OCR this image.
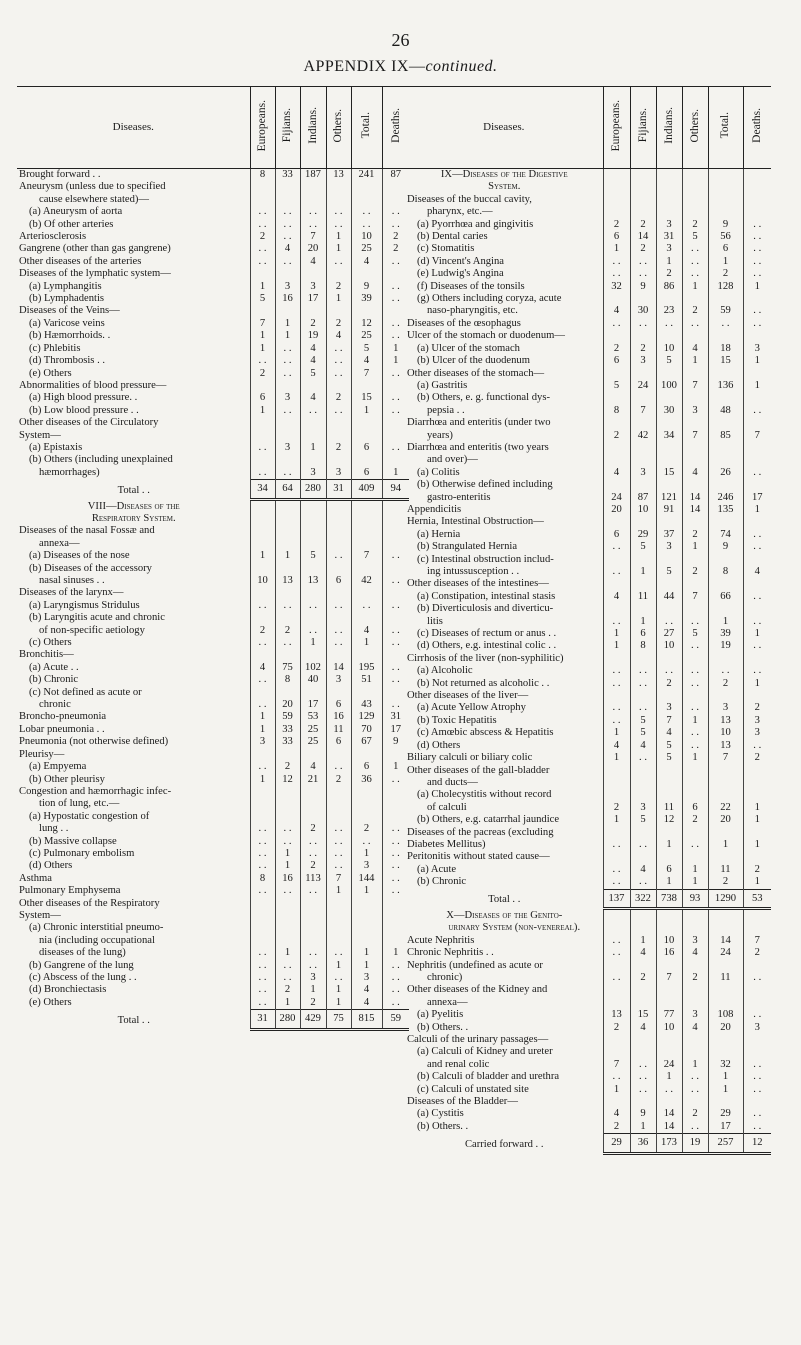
26
APPENDIX IX—continued.
Diseases.	Europeans.	Fijians.	Indians.	Others.	Total.	Deaths.

Brought forward . .	8	33	187	13	241	87

Aneurysm (unless due to specified						
cause elsewhere stated)—						
(a) Aneurysm of aorta	. .	. .	. .	. .	. .	. .
(b) Of other arteries	. .	. .	. .	. .	. .	. .
Arteriosclerosis	2	. .	7	1	10	2
Gangrene (other than gas gangrene)	. .	4	20	1	25	2
Other diseases of the arteries	. .	. .	4	. .	4	. .
Diseases of the lymphatic system—						
(a) Lymphangitis	1	3	3	2	9	. .
(b) Lymphadentis	5	16	17	1	39	. .
Diseases of the Veins—						
(a) Varicose veins	7	1	2	2	12	. .
(b) Hæmorrhoids. .	1	1	19	4	25	. .
(c) Phlebitis	1	. .	4	. .	5	1
(d) Thrombosis . .	. .	. .	4	. .	4	1
(e) Others	2	. .	5	. .	7	. .
Abnormalities of blood pressure—						
(a) High blood pressure. .	6	3	4	2	15	. .
(b) Low blood pressure . .	1	. .	. .	. .	1	. .
Other diseases of the Circulatory						
System—						
(a) Epistaxis	. .	3	1	2	6	. .
(b) Others (including unexplained						
hæmorrhages)	. .	. .	3	3	6	1

Total . .	34	64	280	31	409	94

VIII—Diseases of the						
Respiratory System.						

Diseases of the nasal Fossæ and						
annexa—						
(a) Diseases of the nose	1	1	5	. .	7	. .
(b) Diseases of the accessory						
nasal sinuses . .	10	13	13	6	42	. .
Diseases of the larynx—						
(a) Laryngismus Stridulus	. .	. .	. .	. .	. .	. .
(b) Laryngitis acute and chronic						
of non-specific aetiology	2	2	. .	. .	4	. .
(c) Others	. .	. .	1	. .	1	. .
Bronchitis—						
(a) Acute . .	4	75	102	14	195	. .
(b) Chronic	. .	8	40	3	51	. .
(c) Not defined as acute or						
chronic	. .	20	17	6	43	. .
Broncho-pneumonia	1	59	53	16	129	31
Lobar pneumonia . .	1	33	25	11	70	17
Pneumonia (not otherwise defined)	3	33	25	6	67	9
Pleurisy—						
(a) Empyema	. .	2	4	. .	6	1
(b) Other pleurisy	1	12	21	2	36	. .
Congestion and hæmorrhagic infec-						
tion of lung, etc.—						
(a) Hypostatic congestion of						
lung . .	. .	. .	2	. .	2	. .
(b) Massive collapse	. .	. .	. .	. .	. .	. .
(c) Pulmonary embolism	. .	1	. .	. .	1	. .
(d) Others	. .	1	2	. .	3	. .
Asthma	8	16	113	7	144	. .
Pulmonary Emphysema	. .	. .	. .	1	1	. .
Other diseases of the Respiratory						
System—						
(a) Chronic interstitial pneumo-						
nia (including occupational						
diseases of the lung)	. .	1	. .	. .	1	1
(b) Gangrene of the lung	. .	. .	. .	1	1	. .
(c) Abscess of the lung . .	. .	. .	3	. .	3	. .
(d) Bronchiectasis	. .	2	1	1	4	. .
(e) Others	. .	1	2	1	4	. .

Total . .	31	280	429	75	815	59
Diseases.	Europeans.	Fijians.	Indians.	Others.	Total.	Deaths.

IX—Diseases of the Digestive						
System.						

Diseases of the buccal cavity,						
pharynx, etc.—						
(a) Pyorrhœa and gingivitis	2	2	3	2	9	. .
(b) Dental caries	6	14	31	5	56	. .
(c) Stomatitis	1	2	3	. .	6	. .
(d) Vincent's Angina	. .	. .	1	. .	1	. .
(e) Ludwig's Angina	. .	. .	2	. .	2	. .
(f) Diseases of the tonsils	32	9	86	1	128	1
(g) Others including coryza, acute						
naso-pharyngitis, etc.	4	30	23	2	59	. .
Diseases of the œsophagus	. .	. .	. .	. .	. .	. .
Ulcer of the stomach or duodenum—						
(a) Ulcer of the stomach	2	2	10	4	18	3
(b) Ulcer of the duodenum	6	3	5	1	15	1
Other diseases of the stomach—						
(a) Gastritis	5	24	100	7	136	1
(b) Others, e. g. functional dys-						
pepsia . .	8	7	30	3	48	. .
Diarrhœa and enteritis (under two						
years)	2	42	34	7	85	7
Diarrhœa and enteritis (two years						
and over)—						
(a) Colitis	4	3	15	4	26	. .
(b) Otherwise defined including						
gastro-enteritis	24	87	121	14	246	17
Appendicitis	20	10	91	14	135	1
Hernia, Intestinal Obstruction—						
(a) Hernia	6	29	37	2	74	. .
(b) Strangulated Hernia	. .	5	3	1	9	. .
(c) Intestinal obstruction includ-						
ing intussusception . .	. .	1	5	2	8	4
Other diseases of the intestines—						
(a) Constipation, intestinal stasis	4	11	44	7	66	. .
(b) Diverticulosis and diverticu-						
litis	. .	1	. .	. .	1	. .
(c) Diseases of rectum or anus . .	1	6	27	5	39	1
(d) Others, e.g. intestinal colic . .	1	8	10	. .	19	. .
Cirrhosis of the liver (non-syphilitic)						
(a) Alcoholic	. .	. .	. .	. .	. .	. .
(b) Not returned as alcoholic . .	. .	. .	2	. .	2	1
Other diseases of the liver—						
(a) Acute Yellow Atrophy	. .	. .	3	. .	3	2
(b) Toxic Hepatitis	. .	5	7	1	13	3
(c) Amœbic abscess & Hepatitis	1	5	4	. .	10	3
(d) Others	4	4	5	. .	13	. .
Biliary calculi or biliary colic	1	. .	5	1	7	2
Other diseases of the gall-bladder						
and ducts—						
(a) Cholecystitis without record						
of calculi	2	3	11	6	22	1
(b) Others, e.g. catarrhal jaundice	1	5	12	2	20	1
Diseases of the pacreas (excluding						
Diabetes Mellitus)	. .	. .	1	. .	1	1
Peritonitis without stated cause—						
(a) Acute	. .	4	6	1	11	2
(b) Chronic	. .	. .	1	1	2	1

Total . .	137	322	738	93	1290	53

X—Diseases of the Genito-						
urinary System (non-venereal).						

Acute Nephritis	. .	1	10	3	14	7
Chronic Nephritis . .	. .	4	16	4	24	2
Nephritis (undefined as acute or						
chronic)	. .	2	7	2	11	. .
Other diseases of the Kidney and						
annexa—						
(a) Pyelitis	13	15	77	3	108	. .
(b) Others. .	2	4	10	4	20	3
Calculi of the urinary passages—						
(a) Calculi of Kidney and ureter						
and renal colic	7	. .	24	1	32	. .
(b) Calculi of bladder and urethra	. .	. .	1	. .	1	. .
(c) Calculi of unstated site	1	. .	. .	. .	1	. .
Diseases of the Bladder—						
(a) Cystitis	4	9	14	2	29	. .
(b) Others. .	2	1	14	. .	17	. .

Carried forward . .	29	36	173	19	257	12
